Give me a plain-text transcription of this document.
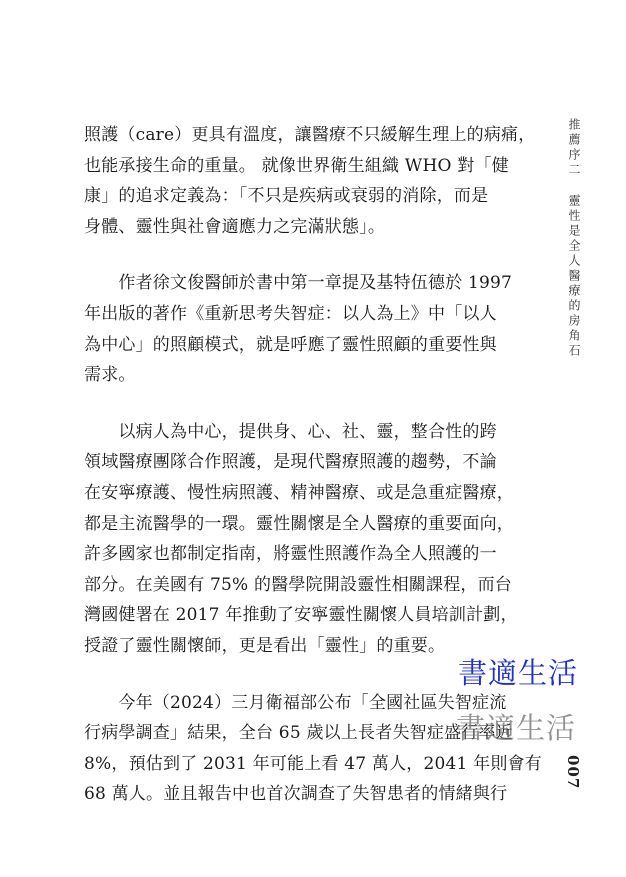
照護（care）更具有溫度，讓醫療不只緩解生理上的病痛，
也能承接生命的重量。 就像世界衛生組織 WHO 對「健
康」的追求定義為：「不只是疾病或衰弱的消除，而是
身體、靈性與社會適應力之完滿狀態」。

　　作者徐文俊醫師於書中第一章提及基特伍德於 1997
年出版的著作《重新思考失智症：以人為上》中「以人
為中心」的照顧模式，就是呼應了靈性照顧的重要性與
需求。

　　以病人為中心，提供身、心、社、靈，整合性的跨
領域醫療團隊合作照護，是現代醫療照護的趨勢，不論
在安寧療護、慢性病照護、精神醫療、或是急重症醫療，
都是主流醫學的一環。靈性關懷是全人醫療的重要面向，
許多國家也都制定指南，將靈性照護作為全人照護的一
部分。在美國有 75% 的醫學院開設靈性相關課程，而台
灣國健署在 2017 年推動了安寧靈性關懷人員培訓計劃，
授證了靈性關懷師，更是看出「靈性」的重要。

　　今年（2024）三月衛福部公布「全國社區失智症流
行病學調查」結果，全台 65 歲以上長者失智症盛行率近
8%，預估到了 2031 年可能上看 47 萬人，2041 年則會有
68 萬人。並且報告中也首次調查了失智患者的情緒與行

推薦序二靈性是全人醫療的房角石
007
書適生活
書適生活
